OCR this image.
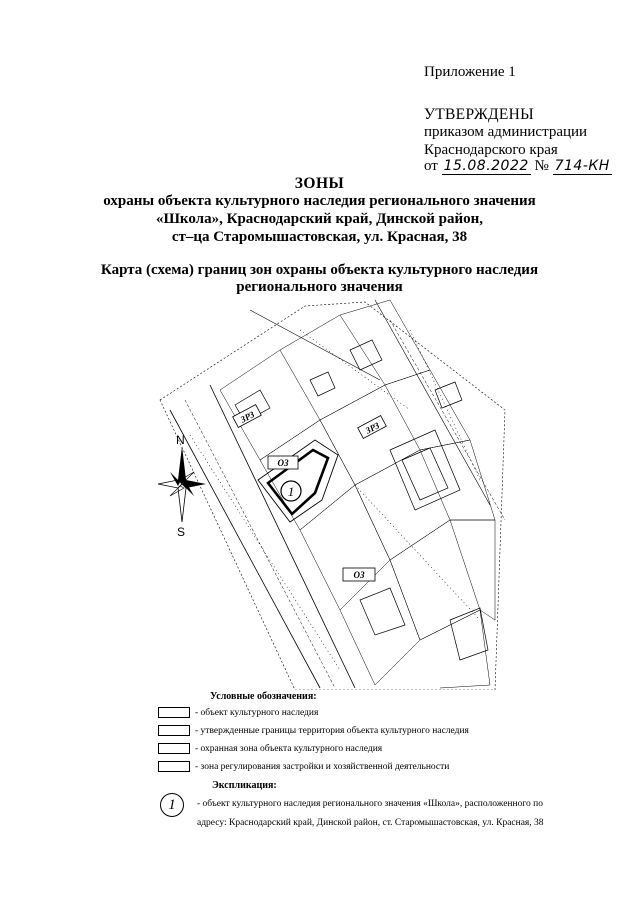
Приложение 1
УТВЕРЖДЕНЫ
приказом администрации
Краснодарского края
от 15.08.2022 № 714-КН
ЗОНЫ
охраны объекта культурного наследия регионального значения
«Школа», Краснодарский край, Динской район,
ст–ца Старомышастовская, ул. Красная, 38
Карта (схема) границ зон охраны объекта культурного наследия
регионального значения
ЗРЗ
ЗРЗ
ОЗ
ОЗ
1
N
S
Условные обозначения:
- объект культурного наследия
- утвержденные границы территория объекта культурного наследия
- охранная зона объекта культурного наследия
- зона регулирования застройки и хозяйственной деятельности
Экспликация:
1	- объект культурного наследия регионального значения «Школа», расположенного по
адресу: Краснодарский край, Динской район, ст. Старомышастовская, ул. Красная, 38
